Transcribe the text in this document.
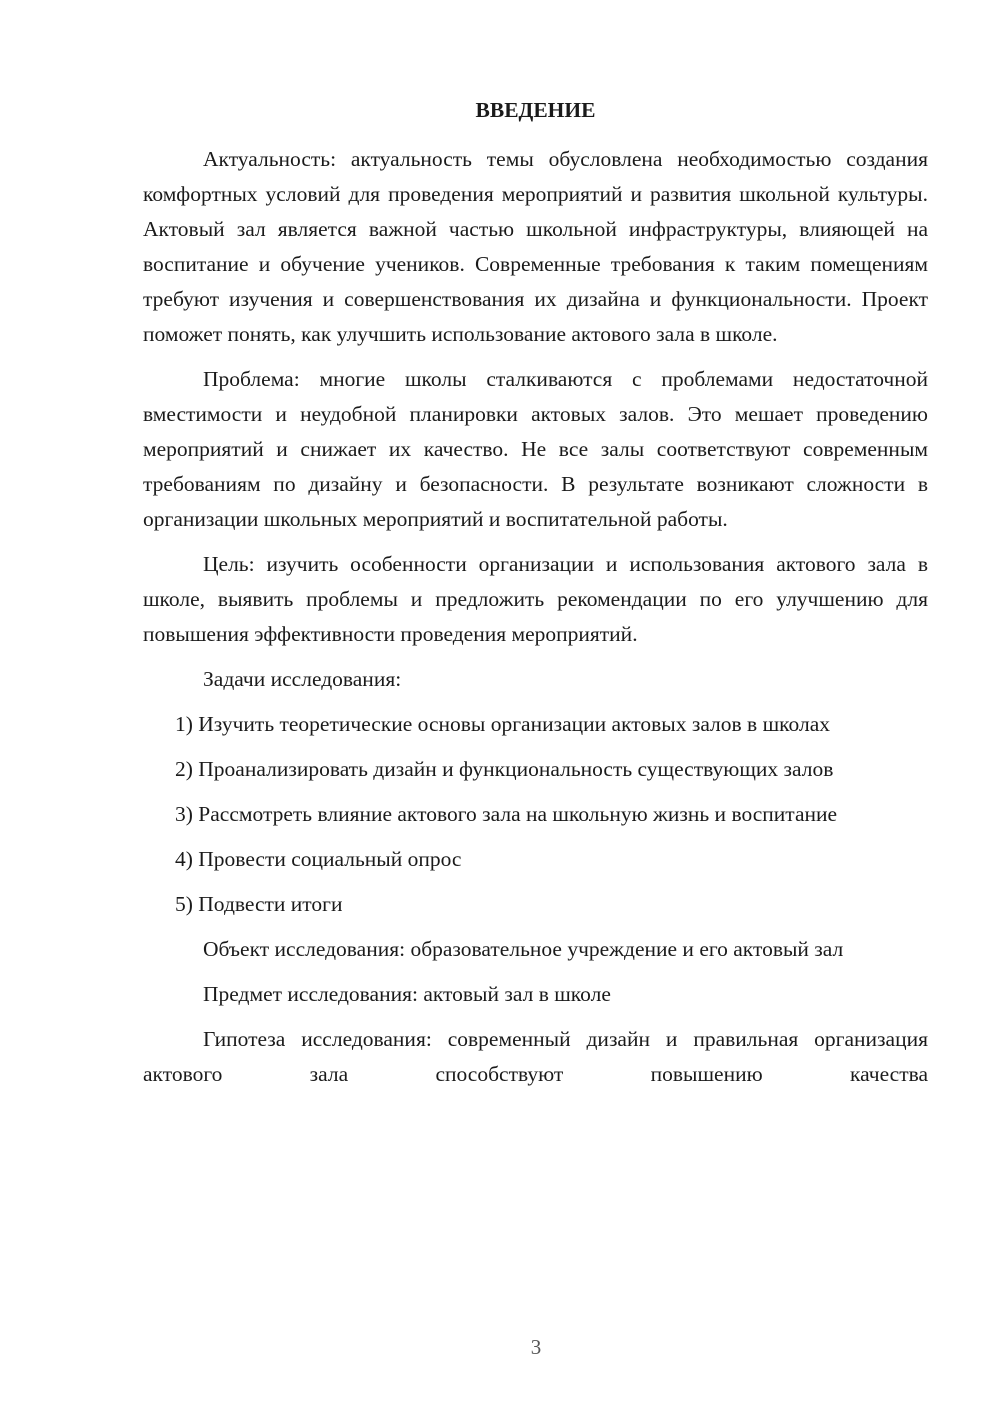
ВВЕДЕНИЕ

Актуальность: актуальность темы обусловлена необходимостью создания комфортных условий для проведения мероприятий и развития школьной культуры. Актовый зал является важной частью школьной инфраструктуры, влияющей на воспитание и обучение учеников. Современные требования к таким помещениям требуют изучения и совершенствования их дизайна и функциональности. Проект поможет понять, как улучшить использование актового зала в школе.

Проблема: многие школы сталкиваются с проблемами недостаточной вместимости и неудобной планировки актовых залов. Это мешает проведению мероприятий и снижает их качество. Не все залы соответствуют современным требованиям по дизайну и безопасности. В результате возникают сложности в организации школьных мероприятий и воспитательной работы.

Цель: изучить особенности организации и использования актового зала в школе, выявить проблемы и предложить рекомендации по его улучшению для повышения эффективности проведения мероприятий.

Задачи исследования:

1) Изучить теоретические основы организации актовых залов в школах

2) Проанализировать дизайн и функциональность существующих залов

3) Рассмотреть влияние актового зала на школьную жизнь и воспитание

4) Провести социальный опрос

5) Подвести итоги

Объект исследования: образовательное учреждение и его актовый зал

Предмет исследования: актовый зал в школе

Гипотеза исследования: современный дизайн и правильная организация актового зала способствуют повышению качества

3
